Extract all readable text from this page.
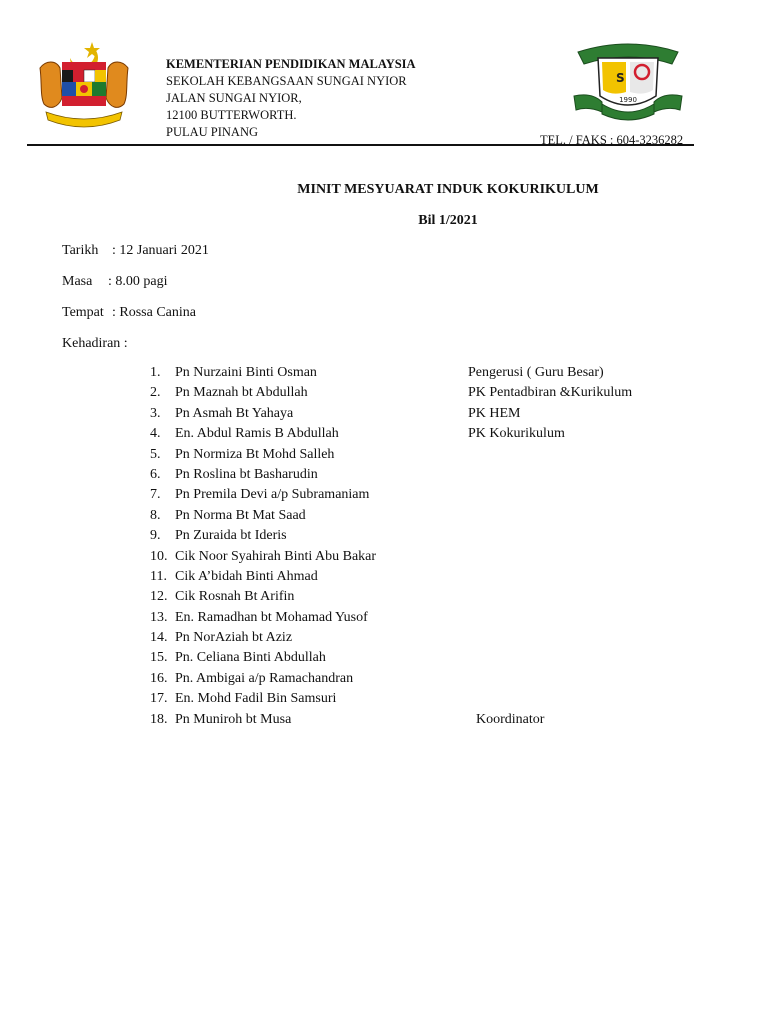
KEMENTERIAN PENDIDIKAN MALAYSIA
SEKOLAH KEBANGSAAN SUNGAI NYIOR
JALAN SUNGAI NYIOR,
12100 BUTTERWORTH.
PULAU PINANG
S
1990
TEL. / FAKS : 604-3236282
MINIT MESYUARAT INDUK KOKURIKULUM
Bil 1/2021
Tarikh : 12 Januari 2021
Masa : 8.00 pagi
Tempat : Rossa Canina
Kehadiran :
1.	Pn Nurzaini Binti Osman	Pengerusi ( Guru Besar)
2.	Pn Maznah bt Abdullah	PK Pentadbiran &Kurikulum
3.	Pn Asmah Bt Yahaya	PK HEM
4.	En. Abdul Ramis B Abdullah	PK Kokurikulum
5.	Pn Normiza Bt Mohd Salleh
6.	Pn Roslina bt Basharudin
7.	Pn Premila Devi a/p Subramaniam
8.	Pn Norma Bt Mat Saad
9.	Pn Zuraida bt Ideris
10. Cik Noor Syahirah Binti Abu Bakar
11. Cik A’bidah Binti Ahmad
12. Cik Rosnah Bt Arifin
13. En. Ramadhan bt Mohamad Yusof
14. Pn NorAziah bt Aziz
15. Pn. Celiana Binti Abdullah
16. Pn. Ambigai a/p Ramachandran
17. En. Mohd Fadil Bin Samsuri
18. Pn Muniroh bt Musa	Koordinator
